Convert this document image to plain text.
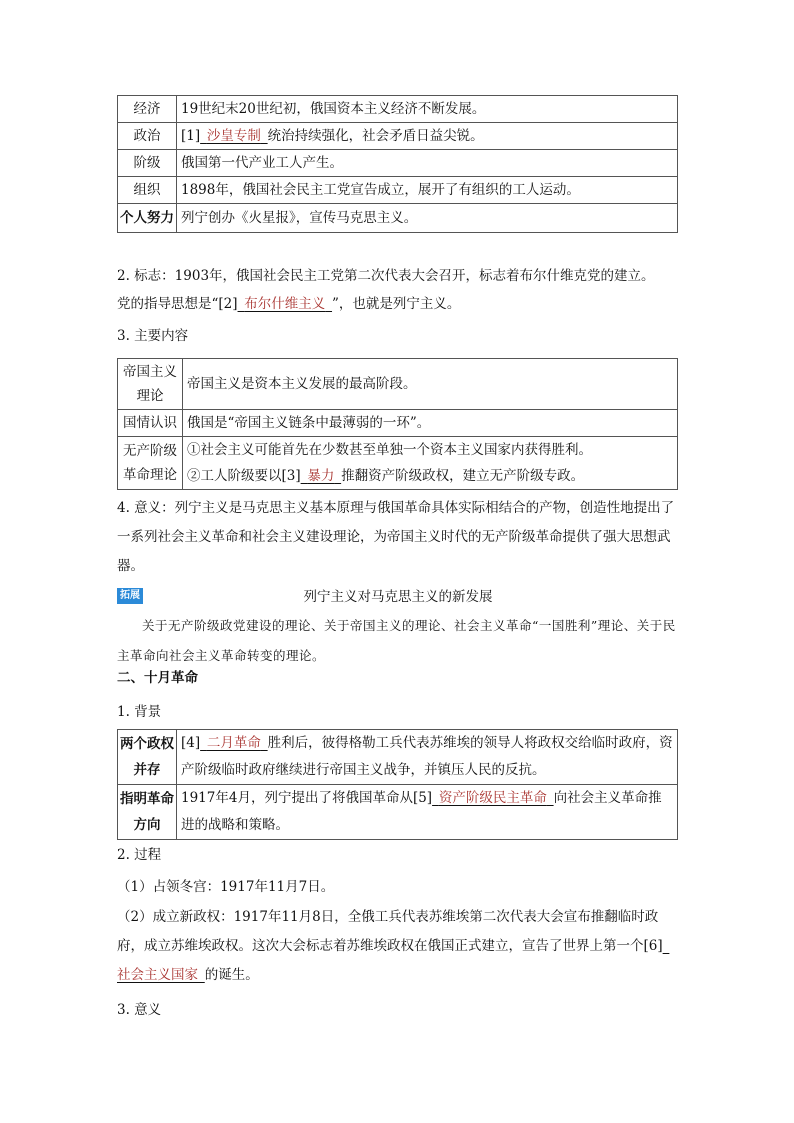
经济	19世纪末20世纪初，俄国资本主义经济不断发展。
政治	[1]  沙皇专制  统治持续强化，社会矛盾日益尖锐。
阶级	俄国第一代产业工人产生。
组织	1898年，俄国社会民主工党宣告成立，展开了有组织的工人运动。
个人努力	列宁创办《火星报》，宣传马克思主义。

2. 标志：1903年，俄国社会民主工党第二次代表大会召开，标志着布尔什维克党的建立。

党的指导思想是“[2]  布尔什维主义  ”，也就是列宁主义。

3. 主要内容

帝国主义理论	帝国主义是资本主义发展的最高阶段。
国情认识	俄国是“帝国主义链条中最薄弱的一环”。
无产阶级革命理论	①社会主义可能首先在少数甚至单独一个资本主义国家内获得胜利。
②工人阶级要以[3]  暴力  推翻资产阶级政权，建立无产阶级专政。

4. 意义：列宁主义是马克思主义基本原理与俄国革命具体实际相结合的产物，创造性地提出了一系列社会主义革命和社会主义建设理论，为帝国主义时代的无产阶级革命提供了强大思想武器。

拓展	列宁主义对马克思主义的新发展

关于无产阶级政党建设的理论、关于帝国主义的理论、社会主义革命“一国胜利”理论、关于民主革命向社会主义革命转变的理论。

二、十月革命

1. 背景

两个政权并存	[4]  二月革命  胜利后，彼得格勒工兵代表苏维埃的领导人将政权交给临时政府，资产阶级临时政府继续进行帝国主义战争，并镇压人民的反抗。
指明革命方向	1917年4月，列宁提出了将俄国革命从[5]  资产阶级民主革命  向社会主义革命推进的战略和策略。

2. 过程

（1）占领冬宫：1917年11月7日。

（2）成立新政权：1917年11月8日，全俄工兵代表苏维埃第二次代表大会宣布推翻临时政府，成立苏维埃政权。这次大会标志着苏维埃政权在俄国正式建立，宣告了世界上第一个[6] 社会主义国家  的诞生。

3. 意义
